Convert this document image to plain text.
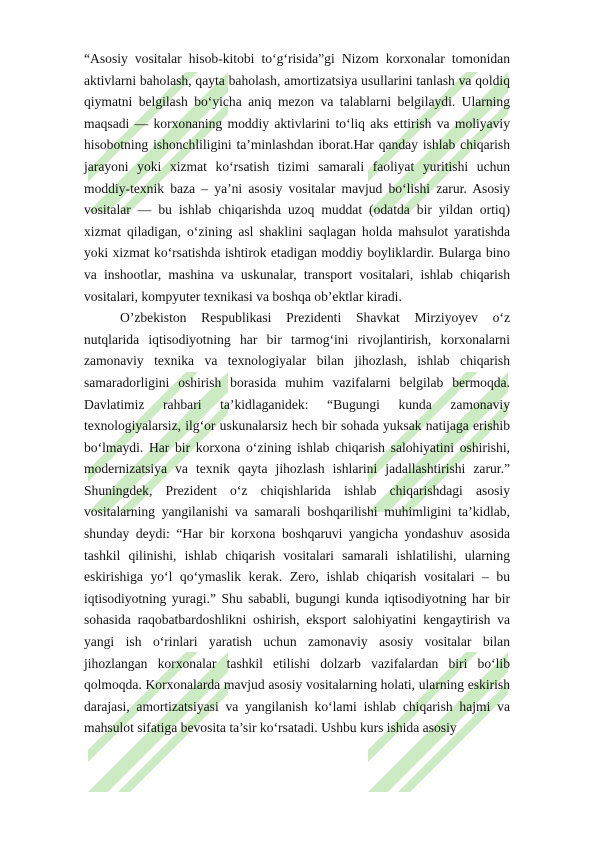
“Asosiy vositalar hisob-kitobi to‘g‘risida”gi Nizom korxonalar tomonidan aktivlarni baholash, qayta baholash, amortizatsiya usullarini tanlash va qoldiq qiymatni belgilash bo‘yicha aniq mezon va talablarni belgilaydi. Ularning maqsadi — korxonaning moddiy aktivlarini to‘liq aks ettirish va moliyaviy hisobotning ishonchliligini ta’minlashdan iborat.Har qanday ishlab chiqarish jarayoni yoki xizmat ko‘rsatish tizimi samarali faoliyat yuritishi uchun moddiy-texnik baza – ya’ni asosiy vositalar mavjud bo‘lishi zarur. Asosiy vositalar — bu ishlab chiqarishda uzoq muddat (odatda bir yildan ortiq) xizmat qiladigan, o‘zining asl shaklini saqlagan holda mahsulot yaratishda yoki xizmat ko‘rsatishda ishtirok etadigan moddiy boyliklardir. Bularga bino va inshootlar, mashina va uskunalar, transport vositalari, ishlab chiqarish vositalari, kompyuter texnikasi va boshqa ob’ektlar kiradi.

O’zbekiston Respublikasi Prezidenti Shavkat Mirziyoyev o‘z nutqlarida iqtisodiyotning har bir tarmog‘ini rivojlantirish, korxonalarni zamonaviy texnika va texnologiyalar bilan jihozlash, ishlab chiqarish samaradorligini oshirish borasida muhim vazifalarni belgilab bermoqda. Davlatimiz rahbari ta’kidlaganidek: “Bugungi kunda zamonaviy texnologiyalarsiz, ilg‘or uskunalarsiz hech bir sohada yuksak natijaga erishib bo‘lmaydi. Har bir korxona o‘zining ishlab chiqarish salohiyatini oshirishi, modernizatsiya va texnik qayta jihozlash ishlarini jadallashtirishi zarur.” Shuningdek, Prezident o‘z chiqishlarida ishlab chiqarishdagi asosiy vositalarning yangilanishi va samarali boshqarilishi muhimligini ta’kidlab, shunday deydi: “Har bir korxona boshqaruvi yangicha yondashuv asosida tashkil qilinishi, ishlab chiqarish vositalari samarali ishlatilishi, ularning eskirishiga yo‘l qo‘ymaslik kerak. Zero, ishlab chiqarish vositalari – bu iqtisodiyotning yuragi.” Shu sababli, bugungi kunda iqtisodiyotning har bir sohasida raqobatbardoshlikni oshirish, eksport salohiyatini kengaytirish va yangi ish o‘rinlari yaratish uchun zamonaviy asosiy vositalar bilan jihozlangan korxonalar tashkil etilishi dolzarb vazifalardan biri bo‘lib qolmoqda. Korxonalarda mavjud asosiy vositalarning holati, ularning eskirish darajasi, amortizatsiyasi va yangilanish ko‘lami ishlab chiqarish hajmi va mahsulot sifatiga bevosita ta’sir ko‘rsatadi. Ushbu kurs ishida asosiy
